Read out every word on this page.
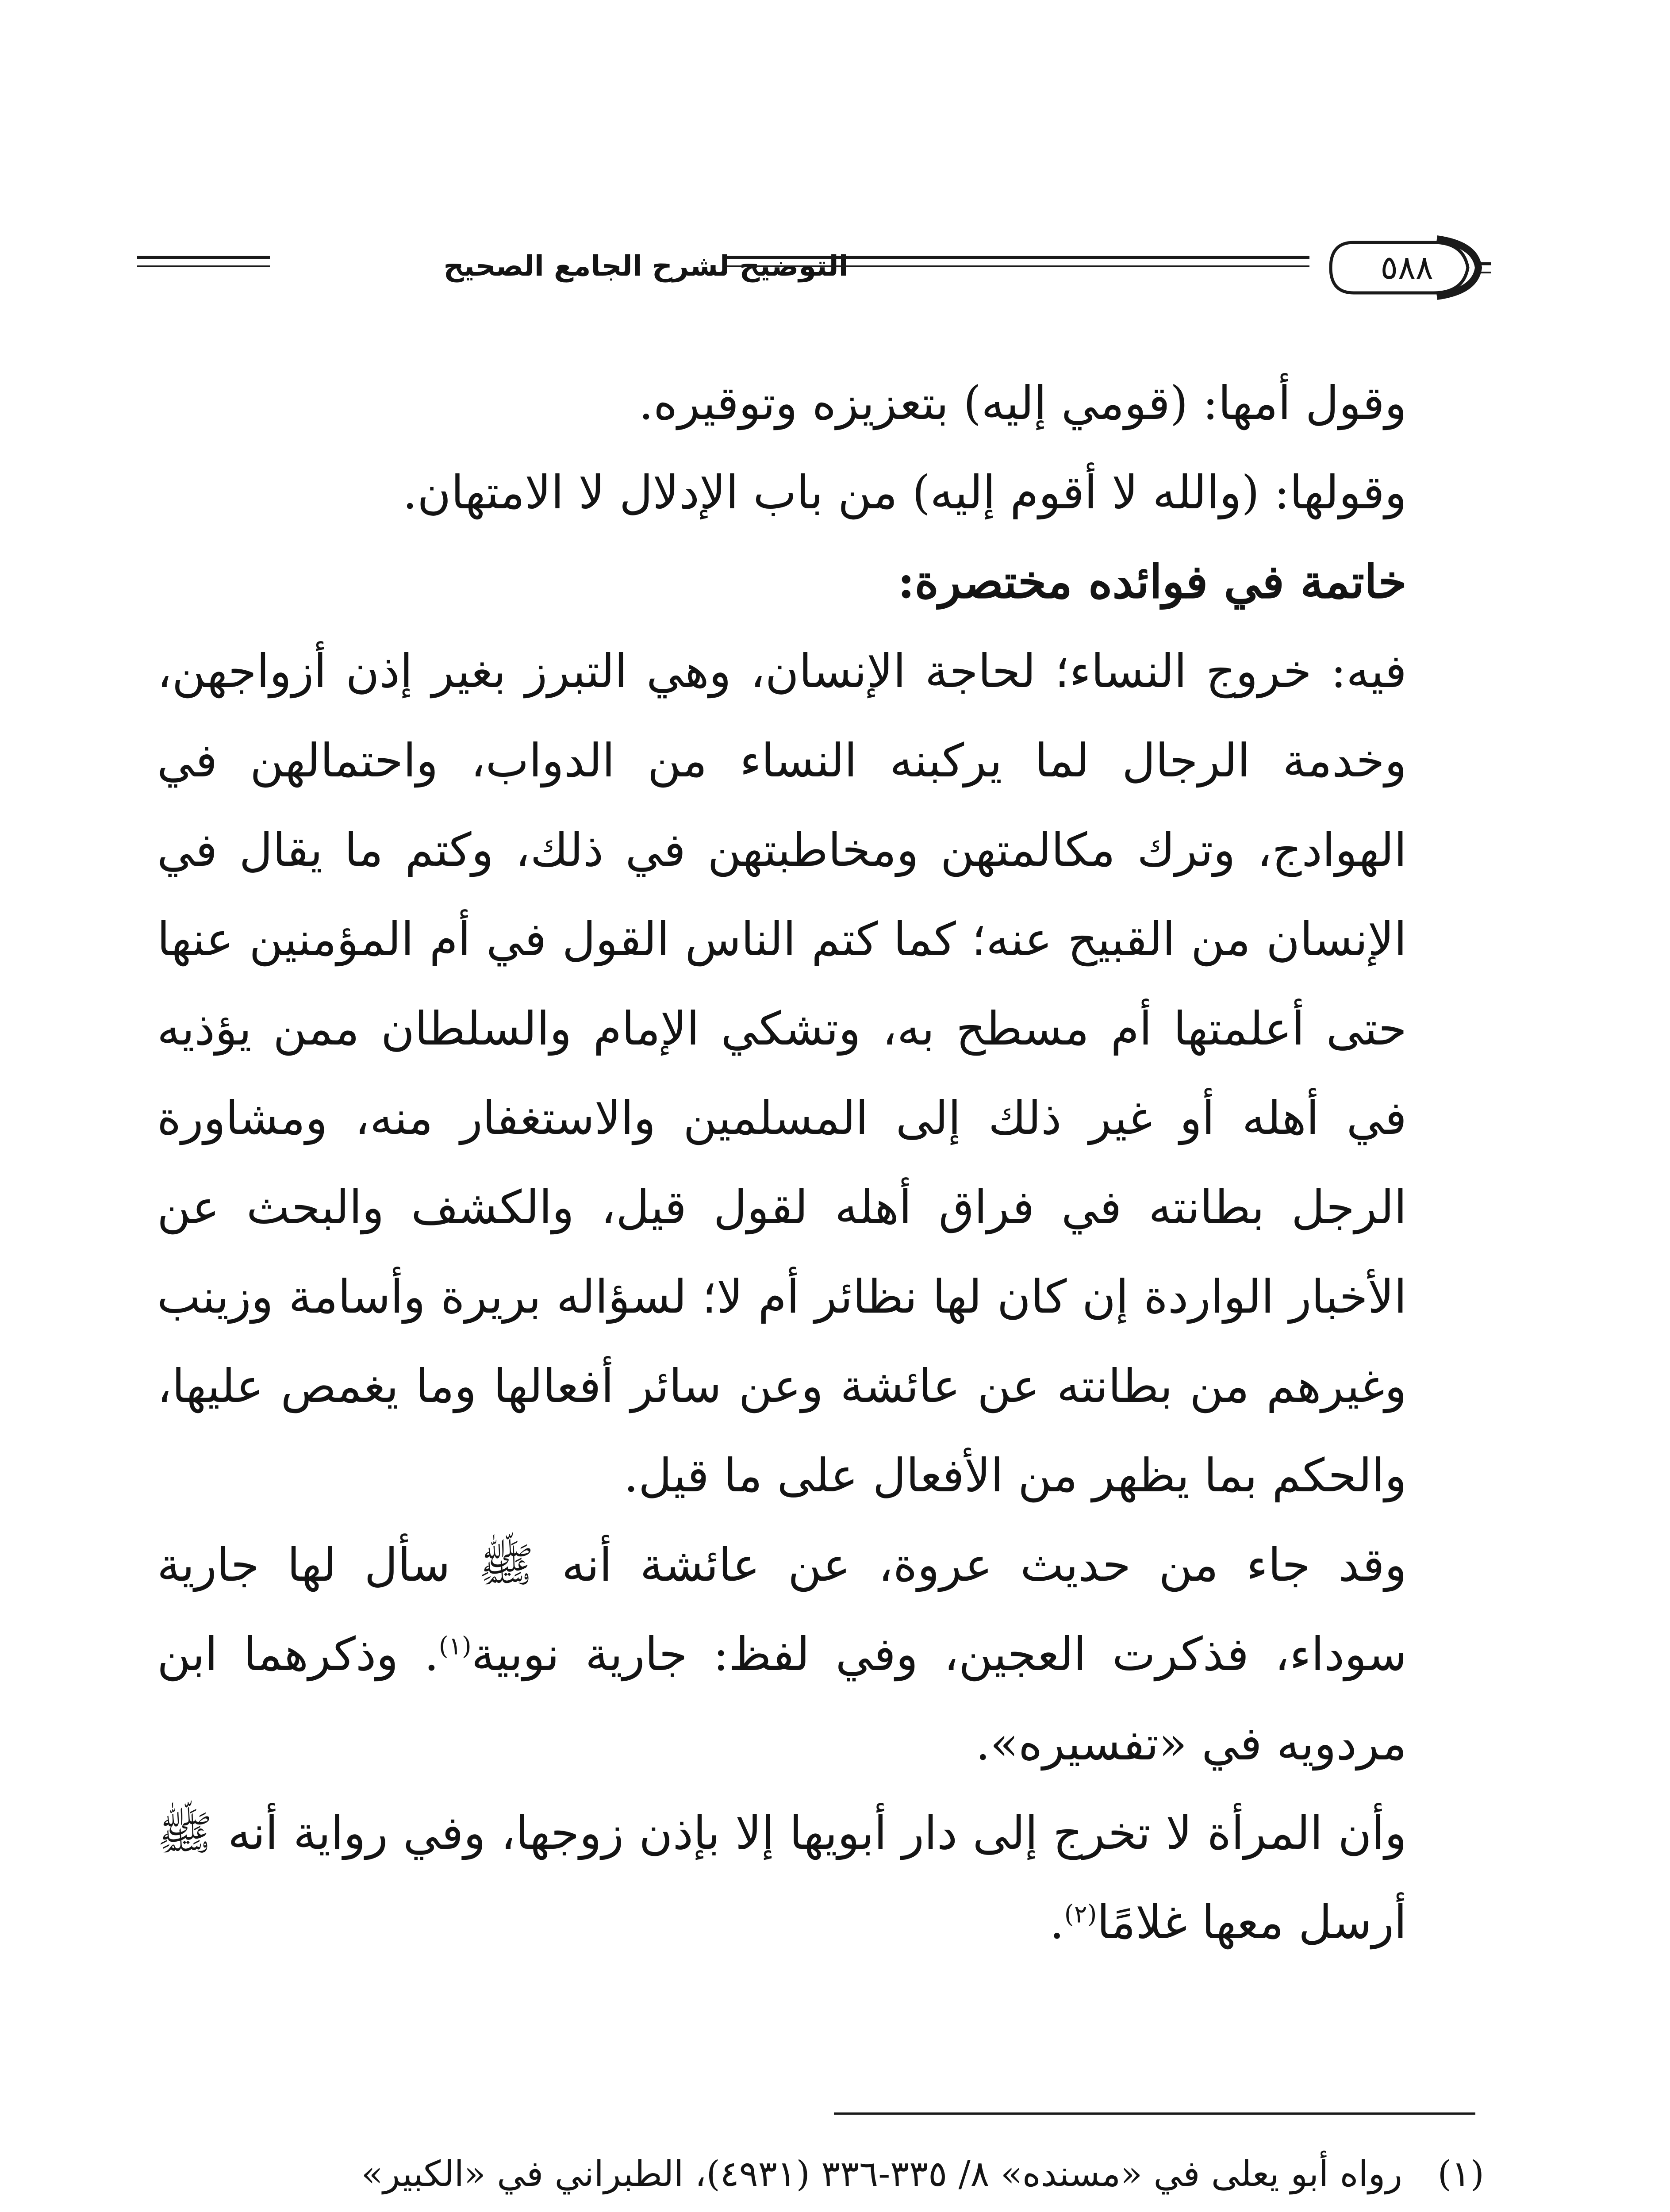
التوضيح لشرح الجامع الصحيح	٥٨٨

وقول أمها: (قومي إليه) بتعزيزه وتوقيره.

وقولها: (والله لا أقوم إليه) من باب الإدلال لا الامتهان.

خاتمة في فوائده مختصرة:

فيه: خروج النساء؛ لحاجة الإنسان، وهي التبرز بغير إذن أزواجهن، وخدمة الرجال لما يركبنه النساء من الدواب، واحتمالهن في الهوادج، وترك مكالمتهن ومخاطبتهن في ذلك، وكتم ما يقال في الإنسان من القبيح عنه؛ كما كتم الناس القول في أم المؤمنين عنها حتى أعلمتها أم مسطح به، وتشكي الإمام والسلطان ممن يؤذيه في أهله أو غير ذلك إلى المسلمين والاستغفار منه، ومشاورة الرجل بطانته في فراق أهله لقول قيل، والكشف والبحث عن الأخبار الواردة إن كان لها نظائر أم لا؛ لسؤاله بريرة وأسامة وزينب وغيرهم من بطانته عن عائشة وعن سائر أفعالها وما يغمص عليها، والحكم بما يظهر من الأفعال على ما قيل.

وقد جاء من حديث عروة، عن عائشة أنه ﷺ سأل لها جارية سوداء، فذكرت العجين، وفي لفظ: جارية نوبية$^{(١)}$. وذكرهما ابن مردويه في «تفسيره».

وأن المرأة لا تخرج إلى دار أبويها إلا بإذن زوجها، وفي رواية أنه ﷺ أرسل معها غلامًا$^{(٢)}$.

(١)
رواه أبو يعلى في «مسنده» ٨/ ٣٣٥-٣٣٦ (٤٩٣١)، الطبراني في «الكبير»
